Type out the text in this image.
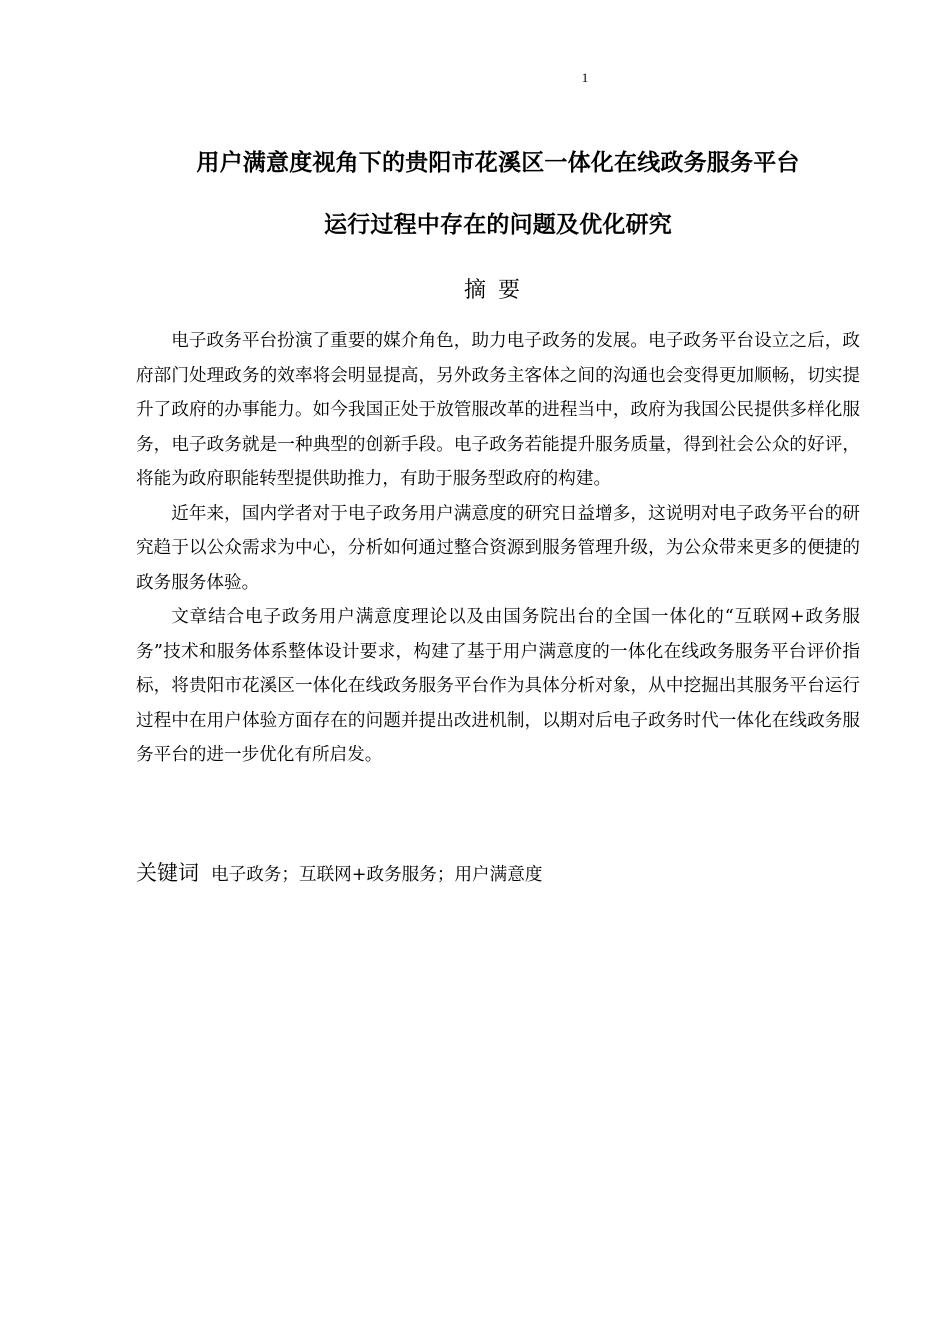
1
用户满意度视角下的贵阳市花溪区一体化在线政务服务平台
运行过程中存在的问题及优化研究
摘要

电子政务平台扮演了重要的媒介角色，助力电子政务的发展。电子政务平台设立之后，政府部门处理政务的效率将会明显提高，另外政务主客体之间的沟通也会变得更加顺畅，切实提升了政府的办事能力。如今我国正处于放管服改革的进程当中，政府为我国公民提供多样化服务，电子政务就是一种典型的创新手段。电子政务若能提升服务质量，得到社会公众的好评，将能为政府职能转型提供助推力，有助于服务型政府的构建。

近年来，国内学者对于电子政务用户满意度的研究日益增多，这说明对电子政务平台的研究趋于以公众需求为中心，分析如何通过整合资源到服务管理升级，为公众带来更多的便捷的政务服务体验。

文章结合电子政务用户满意度理论以及由国务院出台的全国一体化的“互联网+政务服务”技术和服务体系整体设计要求，构建了基于用户满意度的一体化在线政务服务平台评价指标，将贵阳市花溪区一体化在线政务服务平台作为具体分析对象，从中挖掘出其服务平台运行过程中在用户体验方面存在的问题并提出改进机制，以期对后电子政务时代一体化在线政务服务平台的进一步优化有所启发。

关键词 电子政务；互联网+政务服务；用户满意度
